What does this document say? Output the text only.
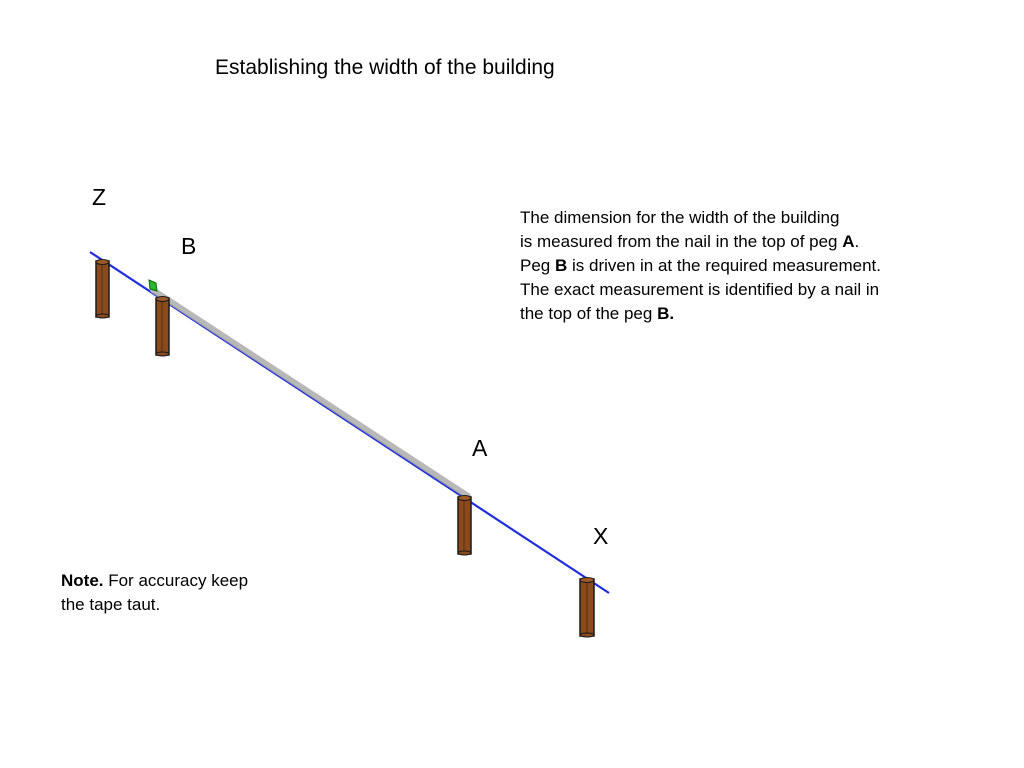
Establishing the width of the building
Z
B
A
X
The dimension for the width of the building
is measured from the nail in the top of peg A.
Peg B is driven in at the required measurement.
The exact measurement is identified by a nail in
the top of the peg B.
Note. For accuracy keep
the tape taut.
